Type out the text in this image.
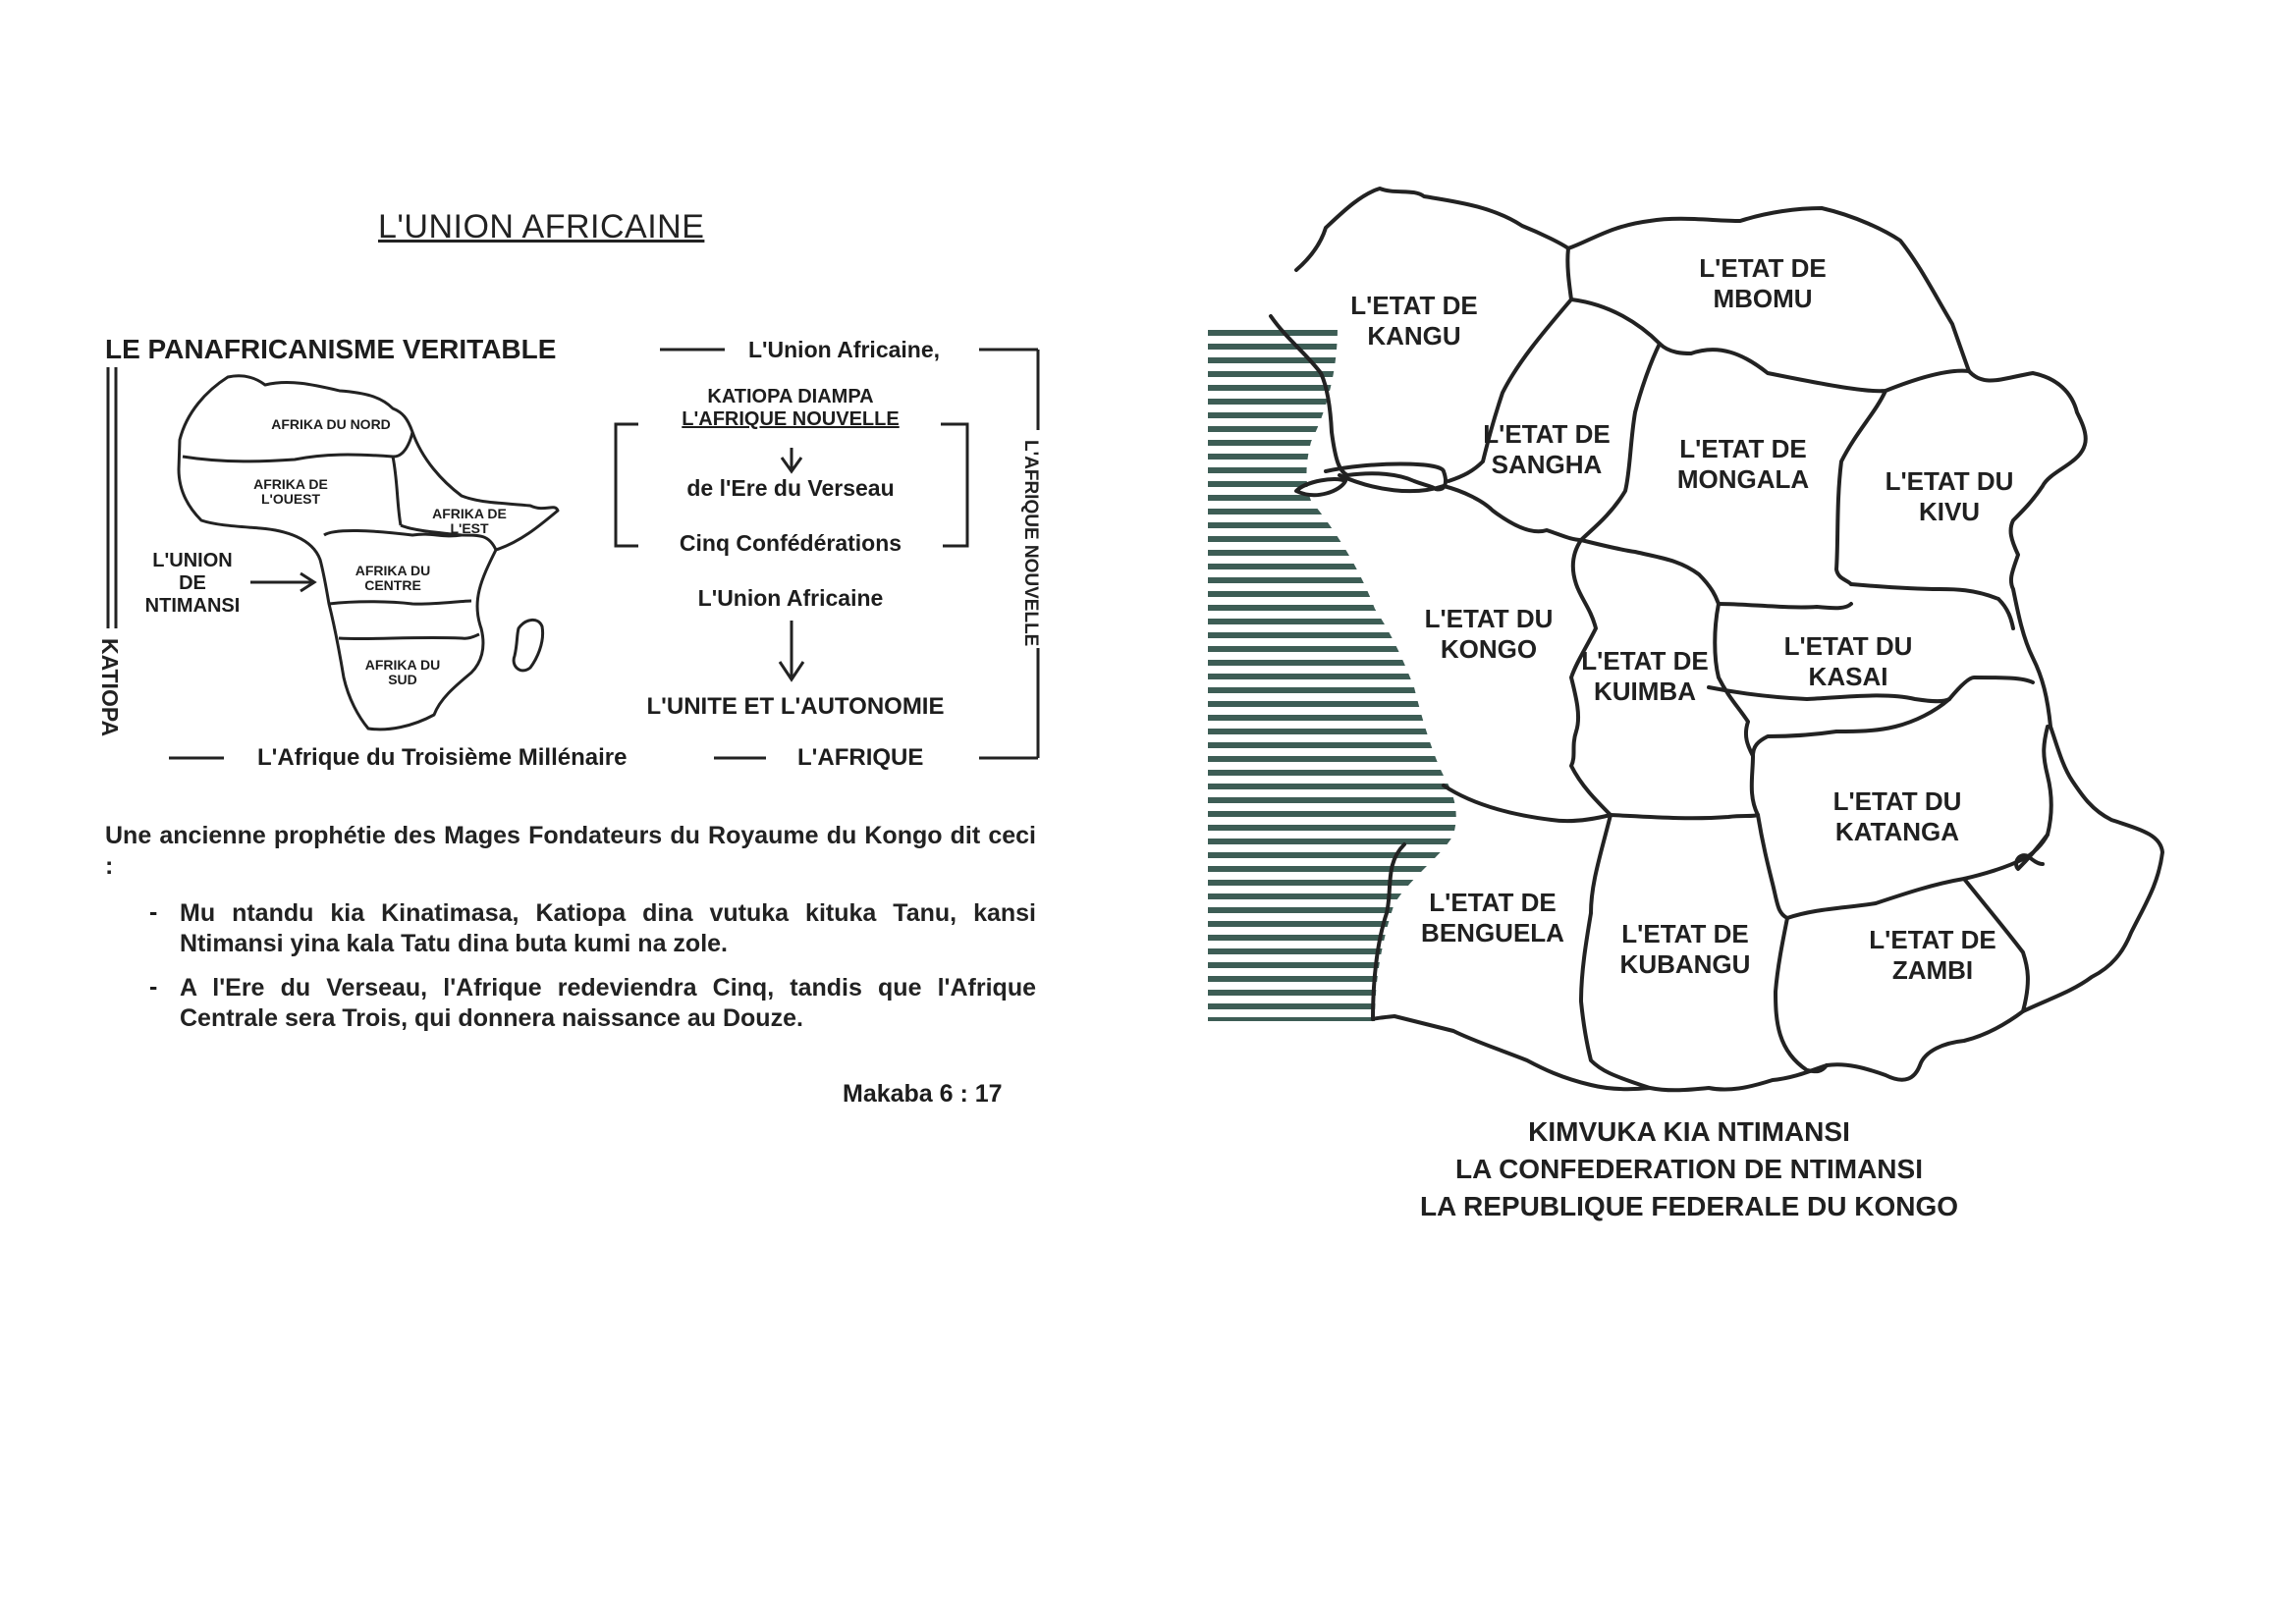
L'UNION AFRICAINE
LE PANAFRICANISME VERITABLE	L'Union Africaine,
KATIOPA
L'AFRIQUE NOUVELLE
AFRIKA DU NORD
AFRIKA DE
L'OUEST
AFRIKA DE
L'EST
AFRIKA DU
CENTRE
AFRIKA DU
SUD
L'UNION
DE
NTIMANSI
KATIOPA DIAMPA
L'AFRIQUE NOUVELLE
de l'Ere du Verseau
Cinq Confédérations
L'Union Africaine
L'UNITE ET L'AUTONOMIE
L'Afrique du Troisième Millénaire	L'AFRIQUE
Une ancienne prophétie des Mages Fondateurs du Royaume du Kongo dit ceci :
- Mu ntandu kia Kinatimasa, Katiopa dina vutuka kituka Tanu, kansi Ntimansi yina kala Tatu dina buta kumi na zole.
- A l'Ere du Verseau, l'Afrique redeviendra Cinq, tandis que l'Afrique Centrale sera Trois, qui donnera naissance au Douze.
Makaba 6 : 17
L'ETAT DE
KANGU
L'ETAT DE
MBOMU
L'ETAT DE
SANGHA
L'ETAT DE
MONGALA	L'ETAT DU
KIVU
L'ETAT DU
KONGO	L'ETAT DE
KUIMBA
L'ETAT DU
KASAI
L'ETAT DU
KATANGA
L'ETAT DE
BENGUELA	L'ETAT DE
KUBANGU
L'ETAT DE
ZAMBI
KIMVUKA KIA NTIMANSI
LA CONFEDERATION DE NTIMANSI
LA REPUBLIQUE FEDERALE DU KONGO
